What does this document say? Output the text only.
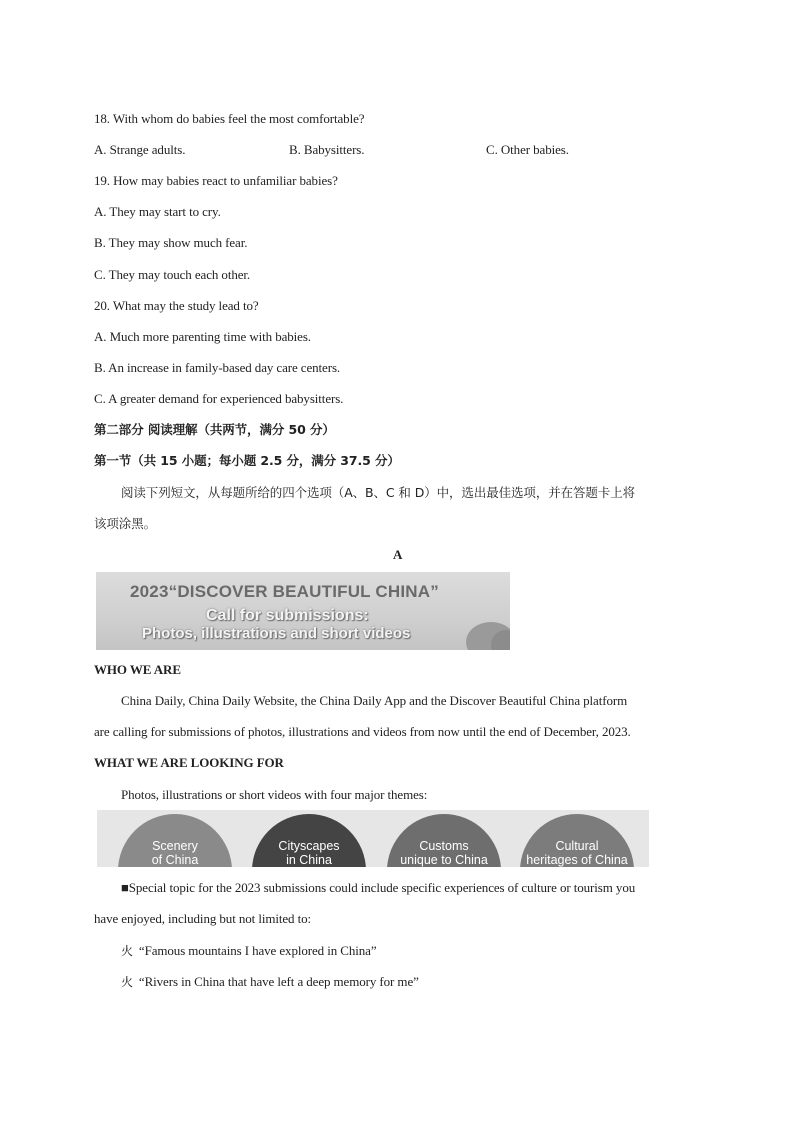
18. With whom do babies feel the most comfortable?
A. Strange adults.	B. Babysitters.	C. Other babies.
19. How may babies react to unfamiliar babies?
A. They may start to cry.
B. They may show much fear.
C. They may touch each other.
20. What may the study lead to?
A. Much more parenting time with babies.
B. An increase in family-based day care centers.
C. A greater demand for experienced babysitters.
第二部分 阅读理解（共两节，满分 50 分）
第一节（共 15 小题；每小题 2.5 分，满分 37.5 分）
阅读下列短文，从每题所给的四个选项（A、B、C 和 D）中，选出最佳选项，并在答题卡上将
该项涂黑。
A
2023“DISCOVER BEAUTIFUL CHINA”
Call for submissions:
Photos, illustrations and short videos
WHO WE ARE
China Daily, China Daily Website, the China Daily App and the Discover Beautiful China platform
are calling for submissions of photos, illustrations and videos from now until the end of December, 2023.
WHAT WE ARE LOOKING FOR
Photos, illustrations or short videos with four major themes:
Scenery
of China
Cityscapes
in China
Customs
unique to China
Cultural
heritages of China
■Special topic for the 2023 submissions could include specific experiences of culture or tourism you
have enjoyed, including but not limited to:
火 “Famous mountains I have explored in China”
火 “Rivers in China that have left a deep memory for me”
